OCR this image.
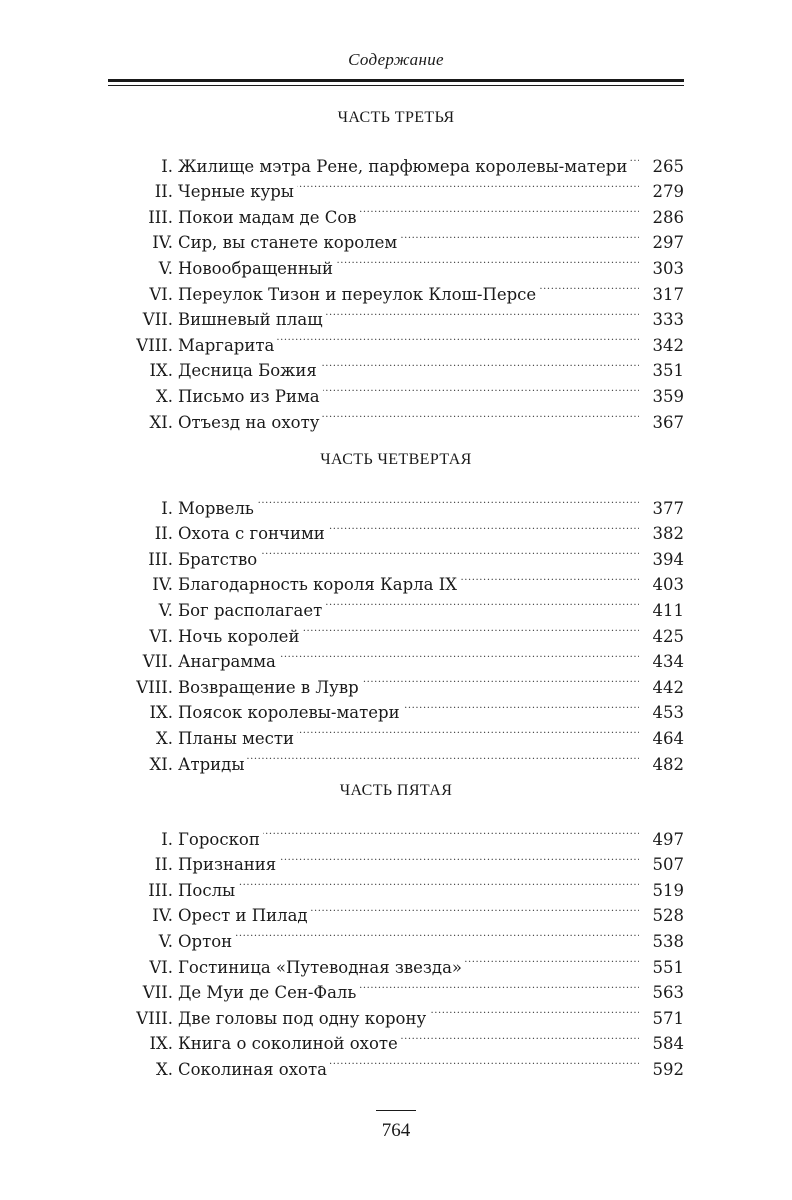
Содержание
ЧАСТЬ ТРЕТЬЯ
I. Жилище мэтра Рене, парфюмера королевы-матери . . .	265
II. Черные куры . . .	279
III. Покои мадам де Сов . . .	286
IV. Сир, вы станете королем . . .	297
V. Новообращенный . . .	303
VI. Переулок Тизон и переулок Клош-Персе . . .	317
VII. Вишневый плащ . . .	333
VIII. Маргарита . . .	342
IX. Десница Божия . . .	351
X. Письмо из Рима . . .	359
XI. Отъезд на охоту . . .	367
ЧАСТЬ ЧЕТВЕРТАЯ
I. Морвель . . .	377
II. Охота с гончими . . .	382
III. Братство . . .	394
IV. Благодарность короля Карла IX . . .	403
V. Бог располагает . . .	411
VI. Ночь королей . . .	425
VII. Анаграмма . . .	434
VIII. Возвращение в Лувр . . .	442
IX. Поясок королевы-матери . . .	453
X. Планы мести . . .	464
XI. Атриды . . .	482
ЧАСТЬ ПЯТАЯ
I. Гороскоп . . .	497
II. Признания . . .	507
III. Послы . . .	519
IV. Орест и Пилад . . .	528
V. Ортон . . .	538
VI. Гостиница «Путеводная звезда» . . .	551
VII. Де Муи де Сен-Фаль . . .	563
VIII. Две головы под одну корону . . .	571
IX. Книга о соколиной охоте . . .	584
X. Соколиная охота . . .	592
764
